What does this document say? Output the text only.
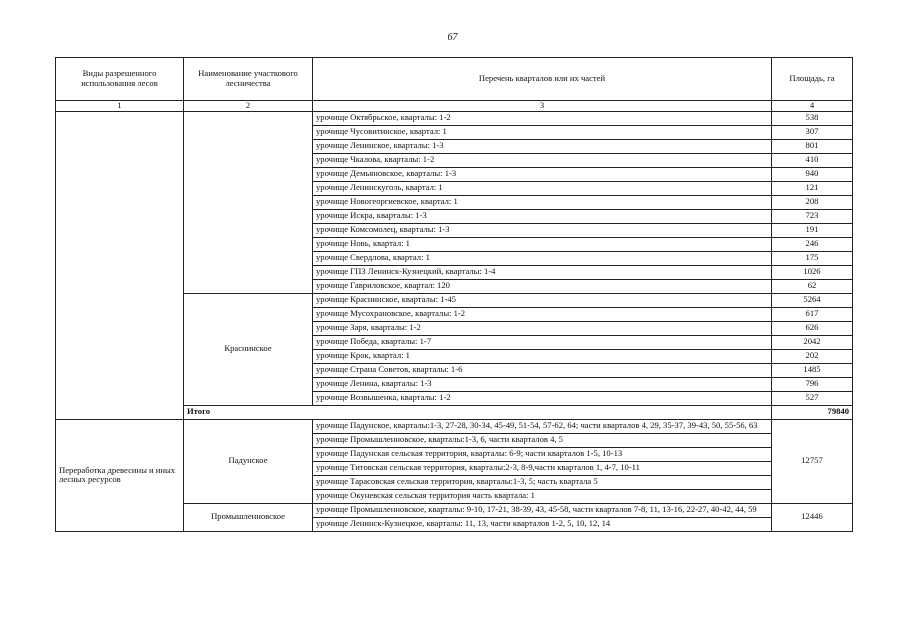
67
Виды разрешенного использования лесов	Наименование участкового лесничества	Перечень кварталов или их частей	Площадь, га
1	2	3	4
		урочище Октябрьское, кварталы: 1-2	538
		урочище Чусовитинское, квартал: 1	307
		урочище Ленинское, кварталы: 1-3	801
		урочище Чкалова, кварталы: 1-2	410
		урочище Демьяновское, кварталы: 1-3	940
		урочище Ленинскуголь, квартал: 1	121
		урочище Новогеоргиевское, квартал: 1	208
		урочище Искра, кварталы: 1-3	723
		урочище Комсомолец, кварталы: 1-3	191
		урочище Новь, квартал: 1	246
		урочище Свердлова, квартал: 1	175
		урочище ГПЗ Ленинск-Кузнецкий, кварталы: 1-4	1026
		урочище Гавриловское, квартал: 120	62
	Краснинское	урочище Краснинское, кварталы: 1-45	5264
		урочище Мусохрановское, кварталы: 1-2	617
		урочище Заря, кварталы: 1-2	626
		урочище Победа, кварталы: 1-7	2042
		урочище Крок, квартал: 1	202
		урочище Страна Советов, кварталы: 1-6	1485
		урочище Ленина, кварталы: 1-3	796
		урочище Возвышенка, кварталы: 1-2	527
	Итого		79840
Переработка древесины и иных лесных ресурсов	Падунское	урочище Падунское, кварталы:1-3, 27-28, 30-34, 45-49, 51-54, 57-62, 64; части кварталов 4, 29, 35-37, 39-43, 50, 55-56, 63	12757
		урочище Промышленновское, кварталы:1-3, 6, части кварталов 4, 5	
		урочище Падунская сельская территория, кварталы: 6-9; части кварталов 1-5, 10-13	
		урочище Титовская сельская территория, кварталы:2-3, 8-9,части кварталов 1, 4-7, 10-11	
		урочище Тарасовская сельская территория, кварталы:1-3, 5; часть квартала 5	
		урочище Окуневская сельская территория часть квартала: 1	
	Промышленновское	урочище Промышленновское, кварталы: 9-10, 17-21, 38-39, 43, 45-58, части кварталов 7-8, 11, 13-16, 22-27, 40-42, 44, 59	12446
		урочище Ленинск-Кузнецкое, кварталы: 11, 13, части кварталов 1-2, 5, 10, 12, 14	
